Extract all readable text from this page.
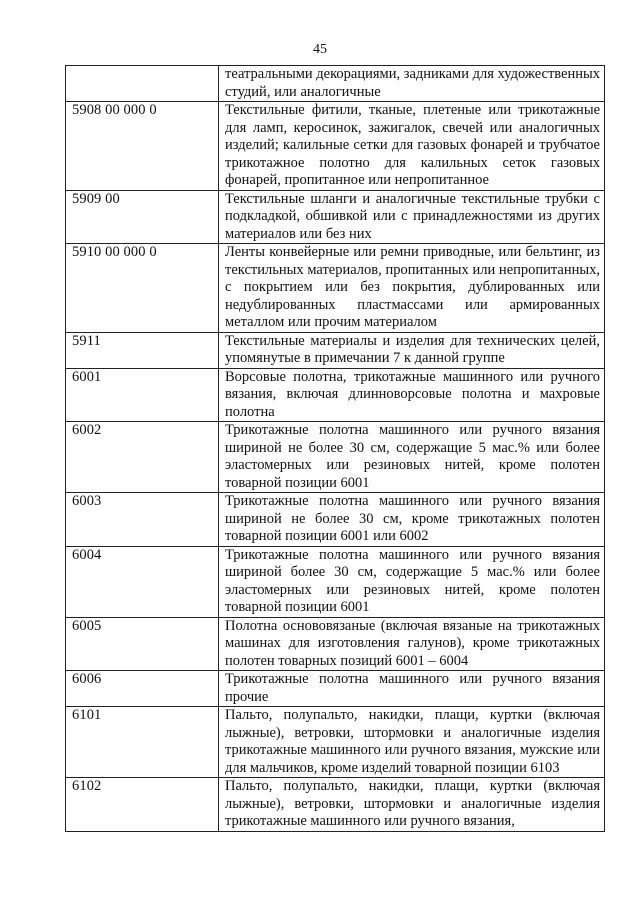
45
	театральными декорациями, задниками для художественных студий, или аналогичные
5908 00 000 0	Текстильные фитили, тканые, плетеные или трикотажные для ламп, керосинок, зажигалок, свечей или аналогичных изделий; калильные сетки для газовых фонарей и трубчатое трикотажное полотно для калильных сеток газовых фонарей, пропитанное или непропитанное
5909 00	Текстильные шланги и аналогичные текстильные трубки с подкладкой, обшивкой или с принадлежностями из других материалов или без них
5910 00 000 0	Ленты конвейерные или ремни приводные, или бельтинг, из текстильных материалов, пропитанных или непропитанных, с покрытием или без покрытия, дублированных или недублированных пластмассами или армированных металлом или прочим материалом
5911	Текстильные материалы и изделия для технических целей, упомянутые в примечании 7 к данной группе
6001	Ворсовые полотна, трикотажные машинного или ручного вязания, включая длинноворсовые полотна и махровые полотна
6002	Трикотажные полотна машинного или ручного вязания шириной не более 30 см, содержащие 5 мас.% или более эластомерных или резиновых нитей, кроме полотен товарной позиции 6001
6003	Трикотажные полотна машинного или ручного вязания шириной не более 30 см, кроме трикотажных полотен товарной позиции 6001 или 6002
6004	Трикотажные полотна машинного или ручного вязания шириной более 30 см, содержащие 5 мас.% или более эластомерных или резиновых нитей, кроме полотен товарной позиции 6001
6005	Полотна основовязаные (включая вязаные на трикотажных машинах для изготовления галунов), кроме трикотажных полотен товарных позиций 6001 – 6004
6006	Трикотажные полотна машинного или ручного вязания прочие
6101	Пальто, полупальто, накидки, плащи, куртки (включая лыжные), ветровки, штормовки и аналогичные изделия трикотажные машинного или ручного вязания, мужские или для мальчиков, кроме изделий товарной позиции 6103
6102	Пальто, полупальто, накидки, плащи, куртки (включая лыжные), ветровки, штормовки и аналогичные изделия трикотажные машинного или ручного вязания,
